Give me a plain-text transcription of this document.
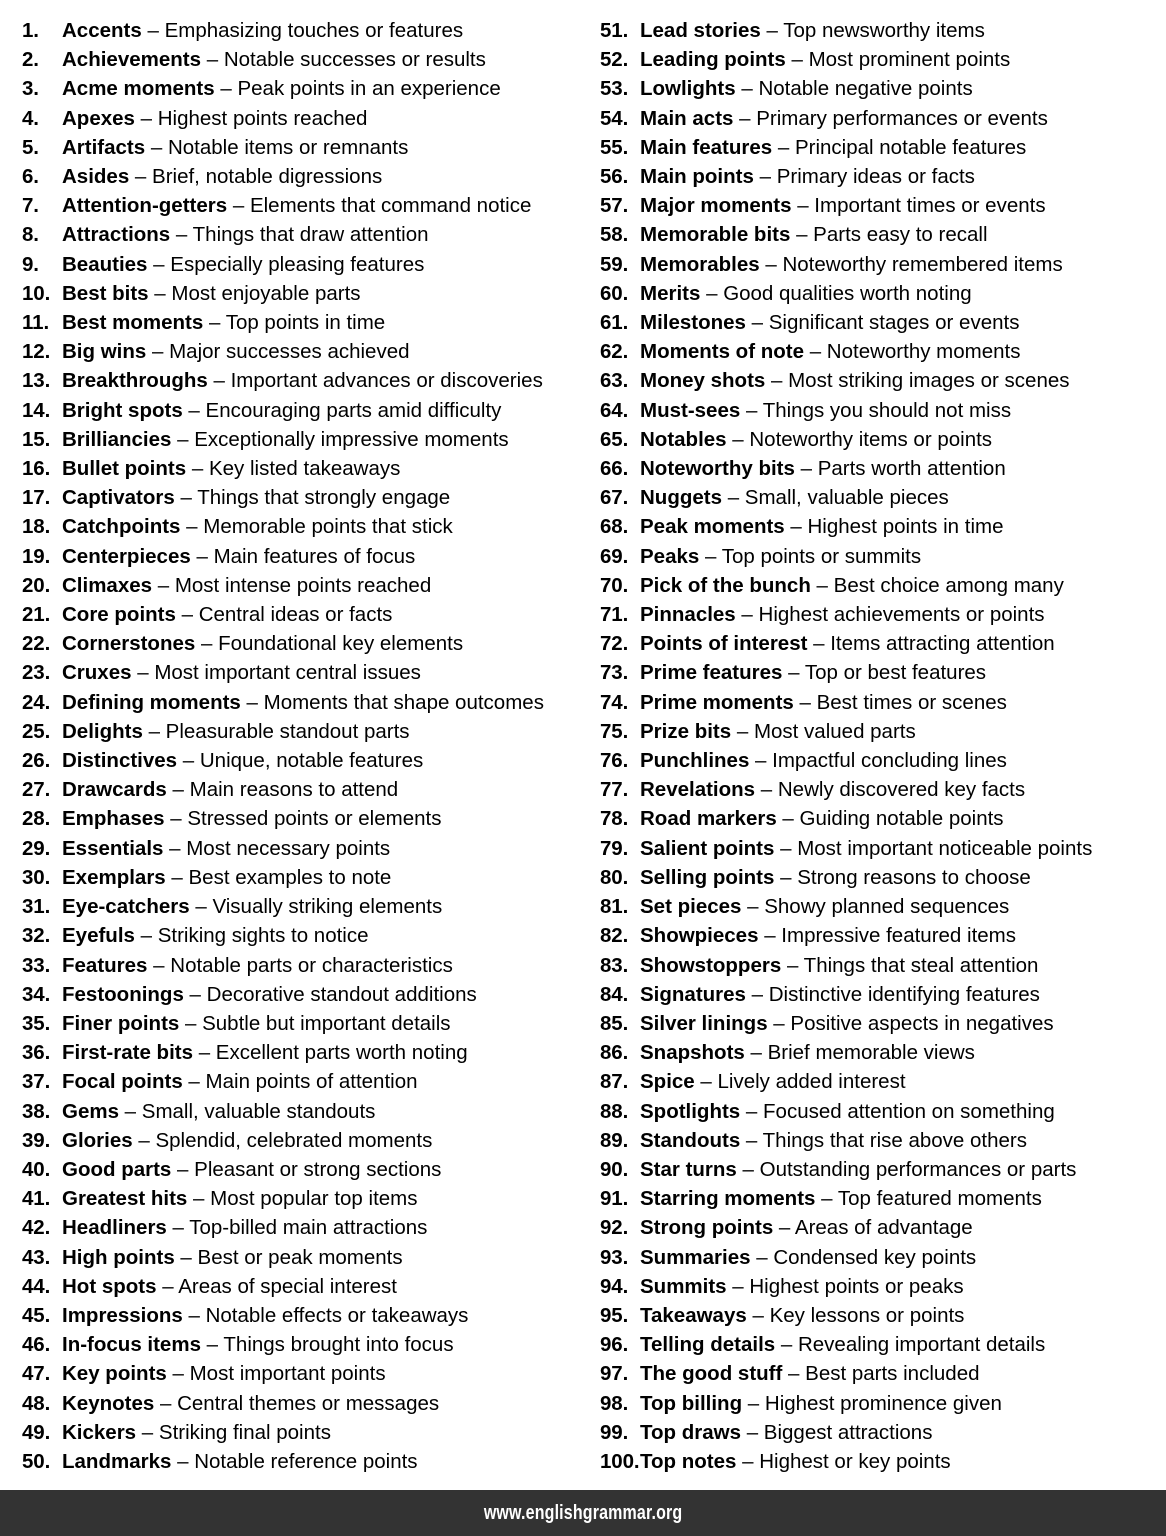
1.	Accents – Emphasizing touches or features
2.	Achievements – Notable successes or results
3.	Acme moments – Peak points in an experience
4.	Apexes – Highest points reached
5.	Artifacts – Notable items or remnants
6.	Asides – Brief, notable digressions
7.	Attention-getters – Elements that command notice
8.	Attractions – Things that draw attention
9.	Beauties – Especially pleasing features
10. Best bits – Most enjoyable parts
11. Best moments – Top points in time
12. Big wins – Major successes achieved
13. Breakthroughs – Important advances or discoveries
14. Bright spots – Encouraging parts amid difficulty
15. Brilliancies – Exceptionally impressive moments
16. Bullet points – Key listed takeaways
17. Captivators – Things that strongly engage
18. Catchpoints – Memorable points that stick
19. Centerpieces – Main features of focus
20. Climaxes – Most intense points reached
21. Core points – Central ideas or facts
22. Cornerstones – Foundational key elements
23. Cruxes – Most important central issues
24. Defining moments – Moments that shape outcomes
25. Delights – Pleasurable standout parts
26. Distinctives – Unique, notable features
27. Drawcards – Main reasons to attend
28. Emphases – Stressed points or elements
29. Essentials – Most necessary points
30. Exemplars – Best examples to note
31. Eye-catchers – Visually striking elements
32. Eyefuls – Striking sights to notice
33. Features – Notable parts or characteristics
34. Festoonings – Decorative standout additions
35. Finer points – Subtle but important details
36. First-rate bits – Excellent parts worth noting
37. Focal points – Main points of attention
38. Gems – Small, valuable standouts
39. Glories – Splendid, celebrated moments
40. Good parts – Pleasant or strong sections
41. Greatest hits – Most popular top items
42. Headliners – Top-billed main attractions
43. High points – Best or peak moments
44. Hot spots – Areas of special interest
45. Impressions – Notable effects or takeaways
46. In-focus items – Things brought into focus
47. Key points – Most important points
48. Keynotes – Central themes or messages
49. Kickers – Striking final points
50. Landmarks – Notable reference points
51. Lead stories – Top newsworthy items
52. Leading points – Most prominent points
53. Lowlights – Notable negative points
54. Main acts – Primary performances or events
55. Main features – Principal notable features
56. Main points – Primary ideas or facts
57. Major moments – Important times or events
58. Memorable bits – Parts easy to recall
59. Memorables – Noteworthy remembered items
60. Merits – Good qualities worth noting
61. Milestones – Significant stages or events
62. Moments of note – Noteworthy moments
63. Money shots – Most striking images or scenes
64. Must-sees – Things you should not miss
65. Notables – Noteworthy items or points
66. Noteworthy bits – Parts worth attention
67. Nuggets – Small, valuable pieces
68. Peak moments – Highest points in time
69. Peaks – Top points or summits
70. Pick of the bunch – Best choice among many
71. Pinnacles – Highest achievements or points
72. Points of interest – Items attracting attention
73. Prime features – Top or best features
74. Prime moments – Best times or scenes
75. Prize bits – Most valued parts
76. Punchlines – Impactful concluding lines
77. Revelations – Newly discovered key facts
78. Road markers – Guiding notable points
79. Salient points – Most important noticeable points
80. Selling points – Strong reasons to choose
81. Set pieces – Showy planned sequences
82. Showpieces – Impressive featured items
83. Showstoppers – Things that steal attention
84. Signatures – Distinctive identifying features
85. Silver linings – Positive aspects in negatives
86. Snapshots – Brief memorable views
87. Spice – Lively added interest
88. Spotlights – Focused attention on something
89. Standouts – Things that rise above others
90. Star turns – Outstanding performances or parts
91. Starring moments – Top featured moments
92. Strong points – Areas of advantage
93. Summaries – Condensed key points
94. Summits – Highest points or peaks
95. Takeaways – Key lessons or points
96. Telling details – Revealing important details
97. The good stuff – Best parts included
98. Top billing – Highest prominence given
99. Top draws – Biggest attractions
100. Top notes – Highest or key points
www.englishgrammar.org
